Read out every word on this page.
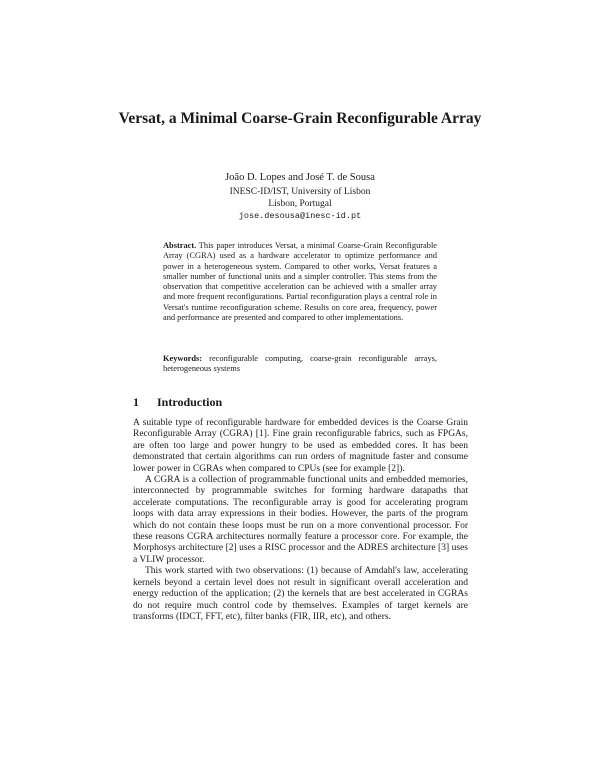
Versat, a Minimal Coarse-Grain Reconfigurable Array
João D. Lopes and José T. de Sousa
INESC-ID/IST, University of Lisbon
Lisbon, Portugal
jose.desousa@inesc-id.pt
Abstract. This paper introduces Versat, a minimal Coarse-Grain Reconfigurable Array (CGRA) used as a hardware accelerator to optimize performance and power in a heterogeneous system. Compared to other works, Versat features a smaller number of functional units and a simpler controller. This stems from the observation that competitive acceleration can be achieved with a smaller array and more frequent reconfigurations. Partial reconfiguration plays a central role in Versat's runtime reconfiguration scheme. Results on core area, frequency, power and performance are presented and compared to other implementations.
Keywords: reconfigurable computing, coarse-grain reconfigurable arrays, heterogeneous systems
1 Introduction

A suitable type of reconfigurable hardware for embedded devices is the Coarse Grain Reconfigurable Array (CGRA) [1]. Fine grain reconfigurable fabrics, such as FPGAs, are often too large and power hungry to be used as embedded cores. It has been demonstrated that certain algorithms can run orders of magnitude faster and consume lower power in CGRAs when compared to CPUs (see for example [2]).

A CGRA is a collection of programmable functional units and embedded memories, interconnected by programmable switches for forming hardware datapaths that accelerate computations. The reconfigurable array is good for accelerating program loops with data array expressions in their bodies. However, the parts of the program which do not contain these loops must be run on a more conventional processor. For these reasons CGRA architectures normally feature a processor core. For example, the Morphosys architecture [2] uses a RISC processor and the ADRES architecture [3] uses a VLIW processor.

This work started with two observations: (1) because of Amdahl's law, accelerating kernels beyond a certain level does not result in significant overall acceleration and energy reduction of the application; (2) the kernels that are best accelerated in CGRAs do not require much control code by themselves. Examples of target kernels are transforms (IDCT, FFT, etc), filter banks (FIR, IIR, etc), and others.
